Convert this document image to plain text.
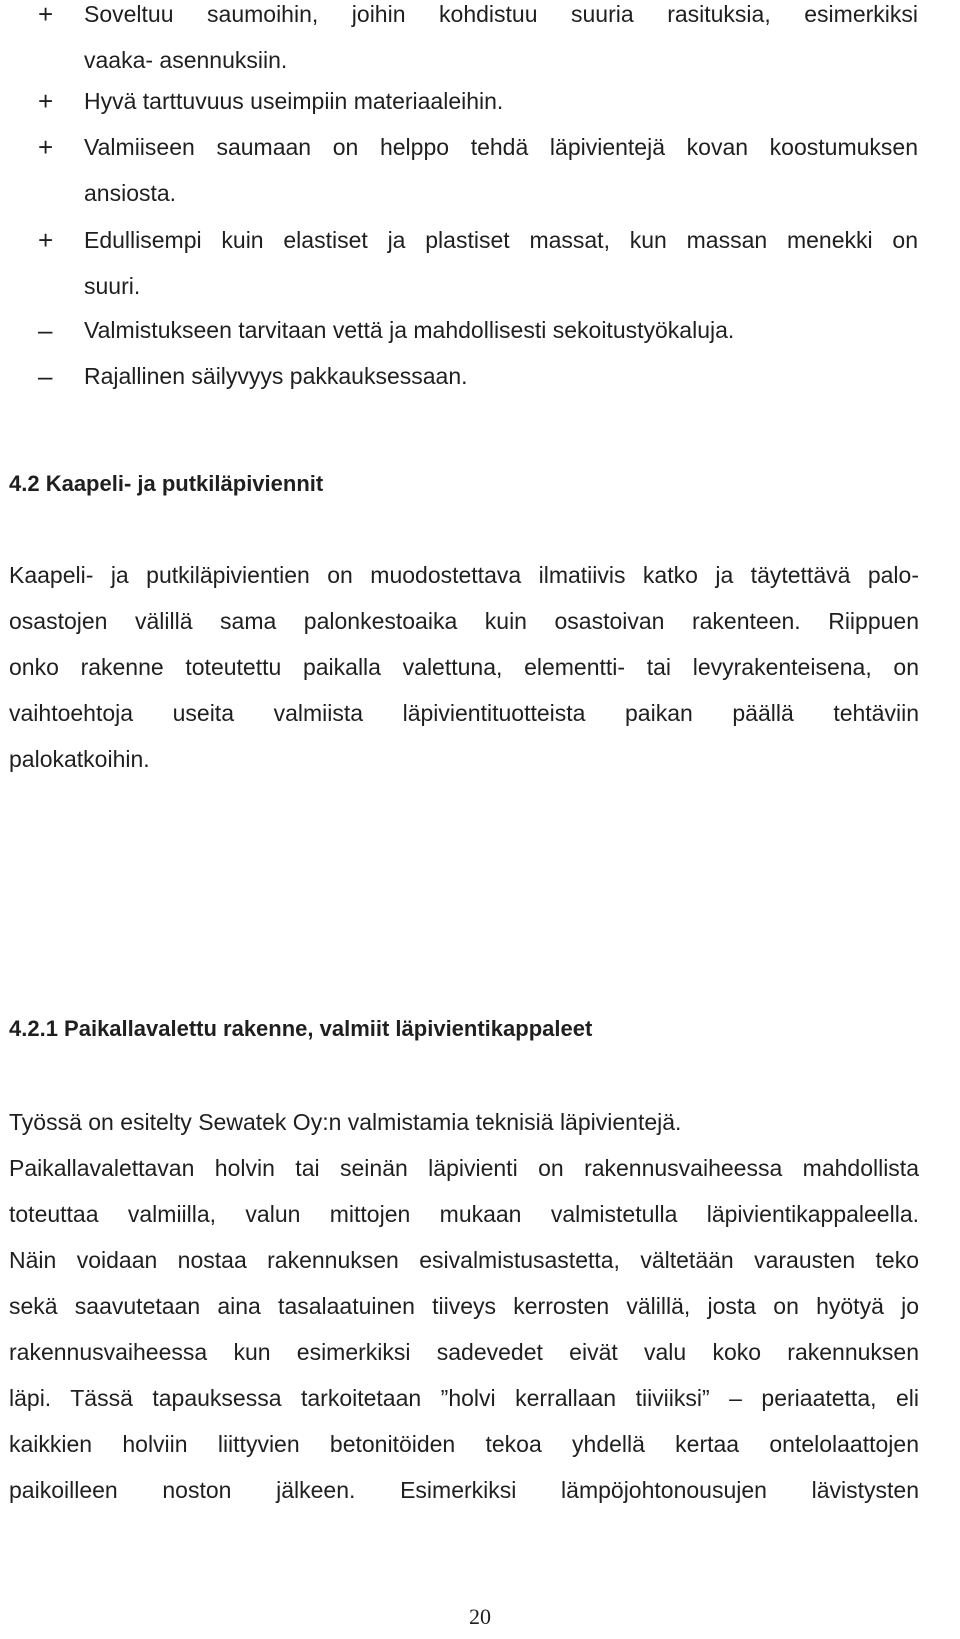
+	Soveltuu saumoihin, joihin kohdistuu suuria rasituksia, esimerkiksi
vaaka- asennuksiin.
+	Hyvä tarttuvuus useimpiin materiaaleihin.
+	Valmiiseen saumaan on helppo tehdä läpivientejä kovan koostumuksen
ansiosta.
+	Edullisempi kuin elastiset ja plastiset massat, kun massan menekki on
suuri.
–	Valmistukseen tarvitaan vettä ja mahdollisesti sekoitustyökaluja.
–	Rajallinen säilyvyys pakkauksessaan.
4.2 Kaapeli- ja putkiläpiviennit
Kaapeli- ja putkiläpivientien on muodostettava ilmatiivis katko ja täytettävä palo-
osastojen välillä sama palonkestoaika kuin osastoivan rakenteen. Riippuen
onko rakenne toteutettu paikalla valettuna, elementti- tai levyrakenteisena, on
vaihtoehtoja useita valmiista läpivientituotteista paikan päällä tehtäviin
palokatkoihin.
4.2.1 Paikallavalettu rakenne, valmiit läpivientikappaleet
Työssä on esitelty Sewatek Oy:n valmistamia teknisiä läpivientejä.
Paikallavalettavan holvin tai seinän läpivienti on rakennusvaiheessa mahdollista
toteuttaa valmiilla, valun mittojen mukaan valmistetulla läpivientikappaleella.
Näin voidaan nostaa rakennuksen esivalmistusastetta, vältetään varausten teko
sekä saavutetaan aina tasalaatuinen tiiveys kerrosten välillä, josta on hyötyä jo
rakennusvaiheessa kun esimerkiksi sadevedet eivät valu koko rakennuksen
läpi. Tässä tapauksessa tarkoitetaan ”holvi kerrallaan tiiviiksi” – periaatetta, eli
kaikkien holviin liittyvien betonitöiden tekoa yhdellä kertaa ontelolaattojen
paikoilleen noston jälkeen. Esimerkiksi lämpöjohtonousujen lävistysten
20
